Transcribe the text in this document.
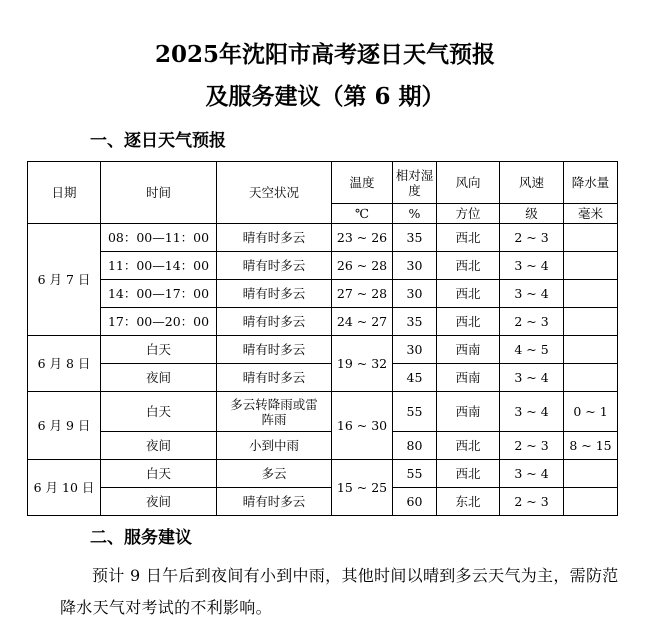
2025年沈阳市高考逐日天气预报
及服务建议（第 6 期）
一、逐日天气预报
日期	时间	天空状况	温度	相对湿度	风向	风速	降水量
			℃	%	方位	级	毫米
6 月 7 日	08：00—11：00	晴有时多云	23 ~ 26	35	西北	2 ~ 3	
	11：00—14：00	晴有时多云	26 ~ 28	30	西北	3 ~ 4	
	14：00—17：00	晴有时多云	27 ~ 28	30	西北	3 ~ 4	
	17：00—20：00	晴有时多云	24 ~ 27	35	西北	2 ~ 3	
6 月 8 日	白天	晴有时多云	19 ~ 32	30	西南	4 ~ 5	
	夜间	晴有时多云		45	西南	3 ~ 4	
6 月 9 日	白天	多云转降雨或雷阵雨	16 ~ 30	55	西南	3 ~ 4	0 ~ 1
	夜间	小到中雨		80	西北	2 ~ 3	8 ~ 15
6 月 10 日	白天	多云	15 ~ 25	55	西北	3 ~ 4	
	夜间	晴有时多云		60	东北	2 ~ 3	
二、服务建议
预计 9 日午后到夜间有小到中雨，其他时间以晴到多云天气为主，需防范降水天气对考试的不利影响。
